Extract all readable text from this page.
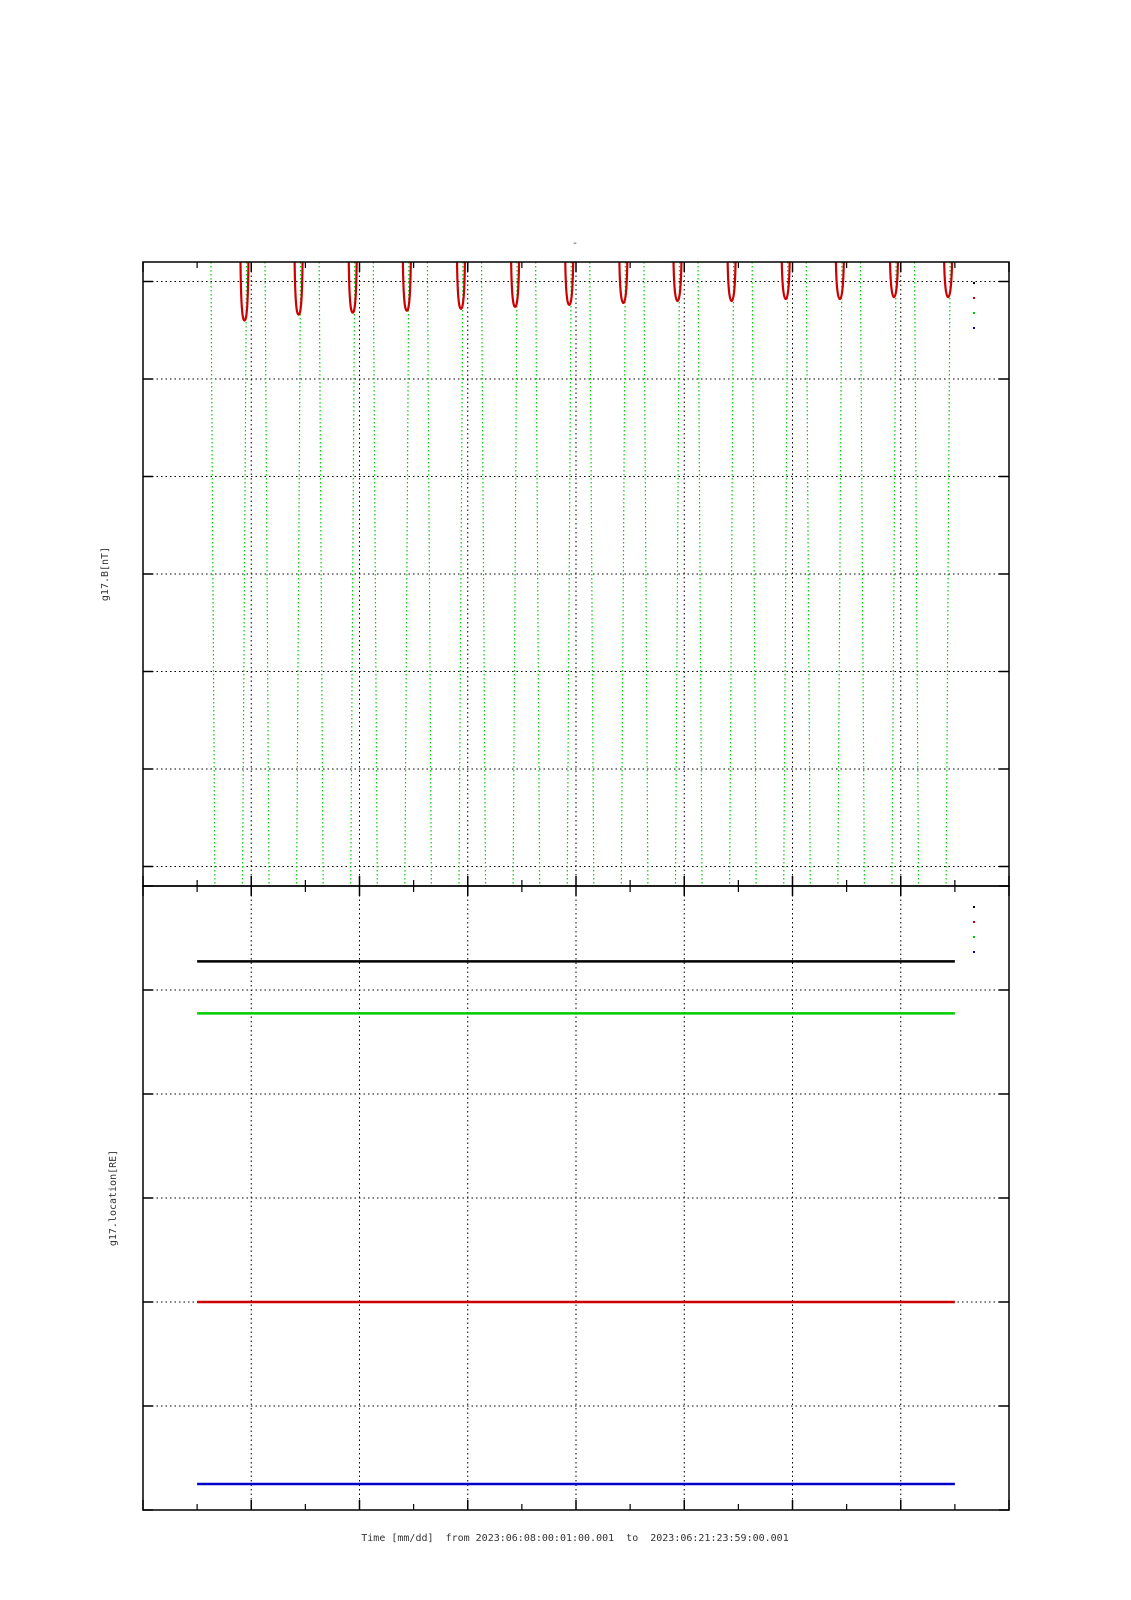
-
g17.B[nT]
g17.location[RE]
Time [mm/dd]  from 2023:06:08:00:01:00.001  to  2023:06:21:23:59:00.001
